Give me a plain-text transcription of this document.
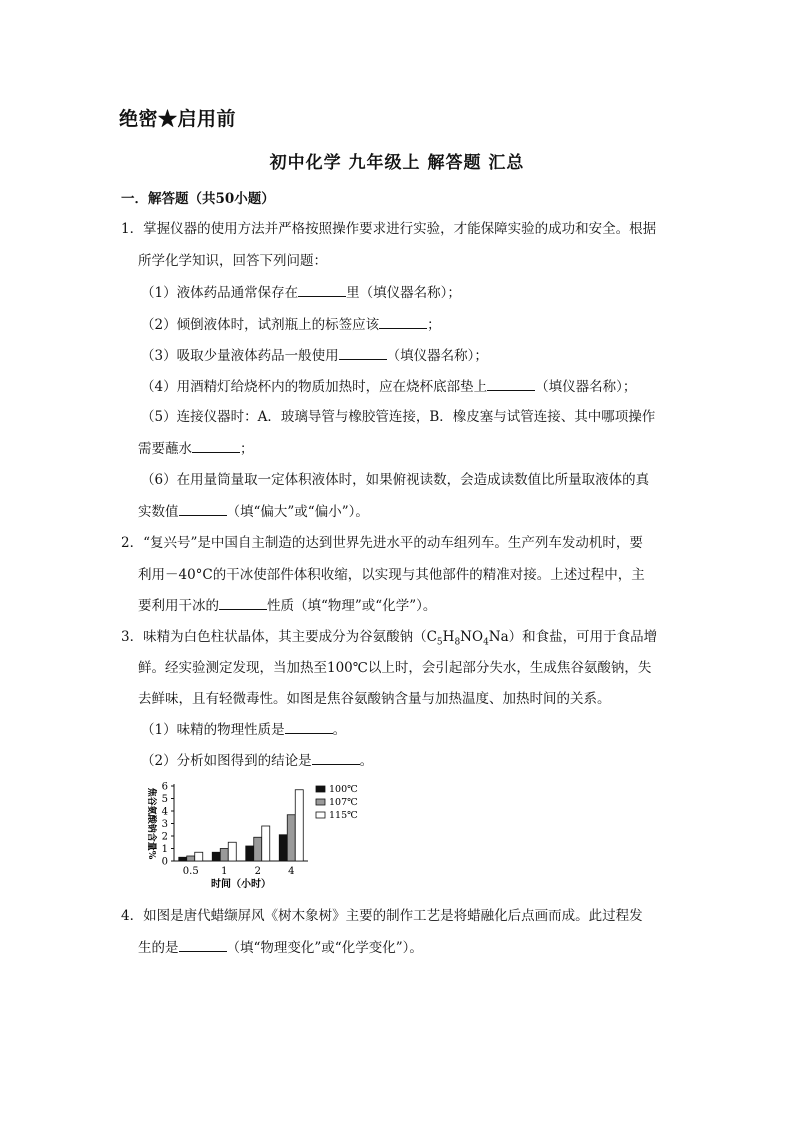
绝密★启用前
初中化学 九年级上 解答题 汇总
一．解答题（共50小题）
1．掌握仪器的使用方法并严格按照操作要求进行实验，才能保障实验的成功和安全。根据
所学化学知识，回答下列问题：
（1）液体药品通常保存在	里（填仪器名称）；
（2）倾倒液体时，试剂瓶上的标签应该	；
（3）吸取少量液体药品一般使用	（填仪器名称）；
（4）用酒精灯给烧杯内的物质加热时，应在烧杯底部垫上	（填仪器名称）；
（5）连接仪器时：A．玻璃导管与橡胶管连接，B．橡皮塞与试管连接、其中哪项操作
需要蘸水	；
（6）在用量筒量取一定体积液体时，如果俯视读数，会造成读数值比所量取液体的真
实数值	（填“偏大”或“偏小”）。
2．“复兴号”是中国自主制造的达到世界先进水平的动车组列车。生产列车发动机时，要
利用－40°C的干冰使部件体积收缩，以实现与其他部件的精准对接。上述过程中，主
要利用干冰的	性质（填“物理”或“化学”）。
3．味精为白色柱状晶体，其主要成分为谷氨酸钠$(C_5H_8NO_4Na)$和食盐，可用于食品增
鲜。经实验测定发现，当加热至100℃以上时，会引起部分失水，生成焦谷氨酸钠，失
去鲜味，且有轻微毒性。如图是焦谷氨酸钠含量与加热温度、加热时间的关系。
（1）味精的物理性质是	。
（2）分析如图得到的结论是	。
0
1
2
3
4
5
6
焦谷氨酸钠含量%
0.5 1	2	4
时间（小时）
100℃
107℃
115℃
4．如图是唐代蜡缬屏风《树木象树》主要的制作工艺是将蜡融化后点画而成。此过程发
生的是	（填“物理变化”或“化学变化”）。
